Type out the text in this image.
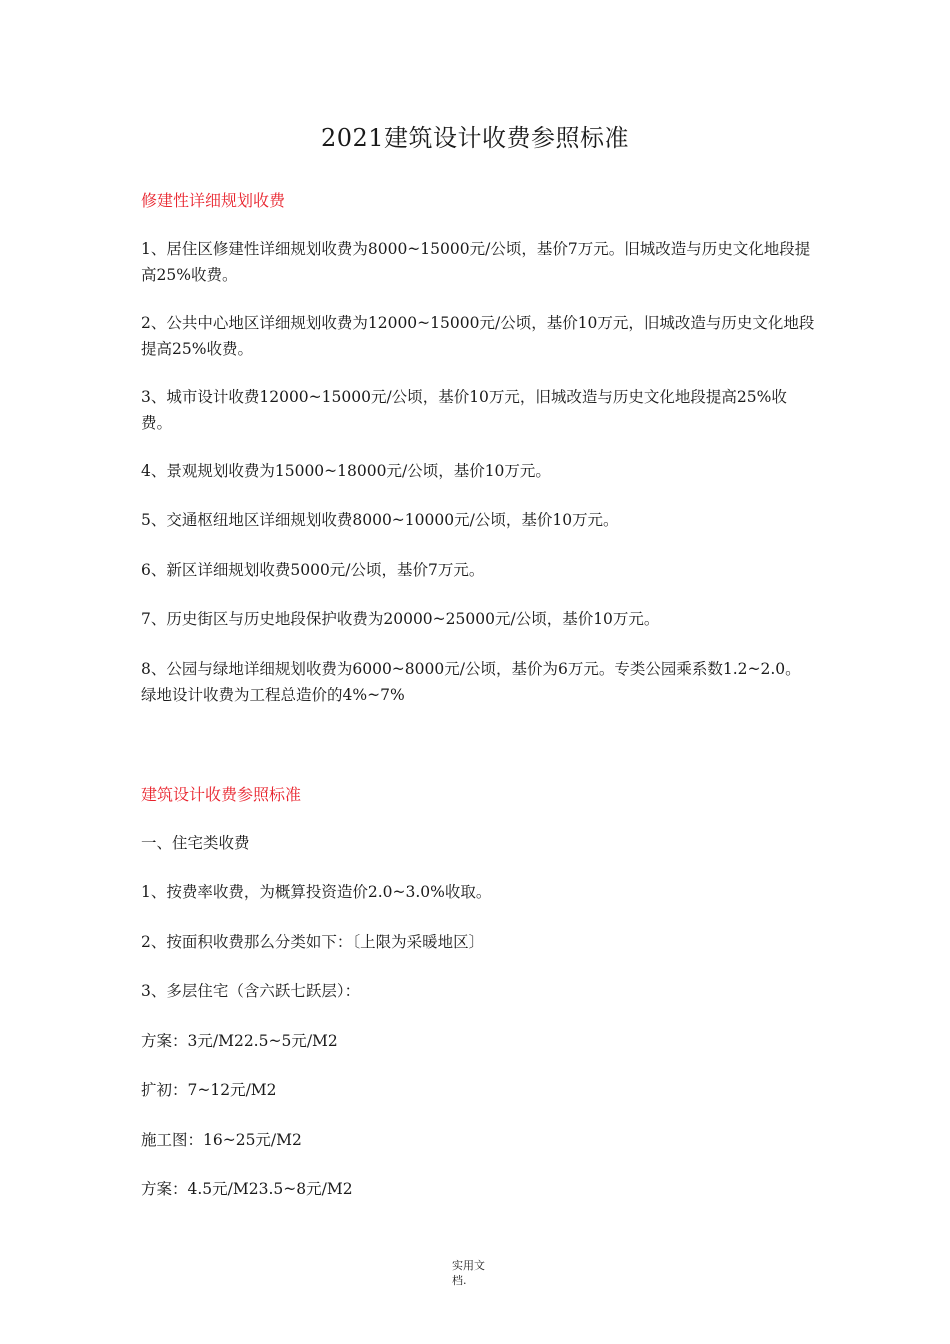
2021建筑设计收费参照标准
修建性详细规划收费
1、居住区修建性详细规划收费为8000~15000元/公顷，基价7万元。旧城改造与历史文化地段提高25%收费。
2、公共中心地区详细规划收费为12000~15000元/公顷，基价10万元，旧城改造与历史文化地段提高25%收费。
3、城市设计收费12000~15000元/公顷，基价10万元，旧城改造与历史文化地段提高25%收费。
4、景观规划收费为15000~18000元/公顷，基价10万元。
5、交通枢纽地区详细规划收费8000~10000元/公顷，基价10万元。
6、新区详细规划收费5000元/公顷，基价7万元。
7、历史街区与历史地段保护收费为20000~25000元/公顷，基价10万元。
8、公园与绿地详细规划收费为6000~8000元/公顷，基价为6万元。专类公园乘系数1.2~2.0。绿地设计收费为工程总造价的4%~7%
建筑设计收费参照标准
一、住宅类收费
1、按费率收费，为概算投资造价2.0~3.0%收取。
2、按面积收费那么分类如下：〔上限为采暖地区〕
3、多层住宅（含六跃七跃层）：
方案：3元/M22.5~5元/M2
扩初：7~12元/M2
施工图：16~25元/M2
方案：4.5元/M23.5~8元/M2
实用文
档.
